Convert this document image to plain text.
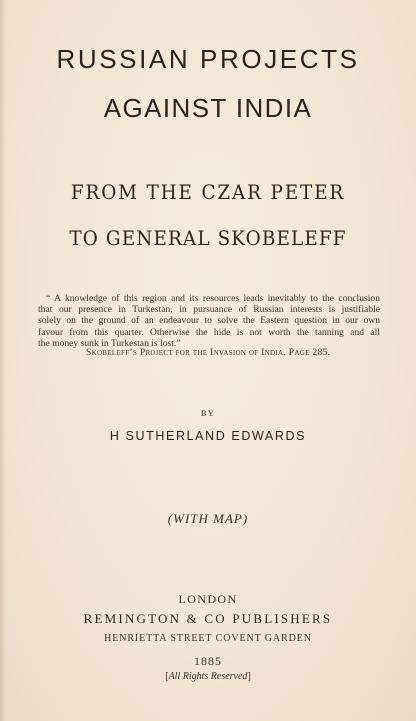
RUSSIAN PROJECTS
AGAINST INDIA
FROM THE CZAR PETER
TO GENERAL SKOBELEFF
“ A knowledge of this region and its resources leads inevitably to the conclusion
that our presence in Turkestan, in pursuance of Russian interests is justifiable
solely on the ground of an endeavour to solve the Eastern question in our own
favour from this quarter. Otherwise the hide is not worth the tanning and all
the money sunk in Turkestan is lost.”
Skobeleff’s Project for the Invasion of India. Page 285.
BY
H SUTHERLAND EDWARDS
(WITH MAP)
LONDON
REMINGTON & CO PUBLISHERS
HENRIETTA STREET COVENT GARDEN
1885
[All Rights Reserved]
